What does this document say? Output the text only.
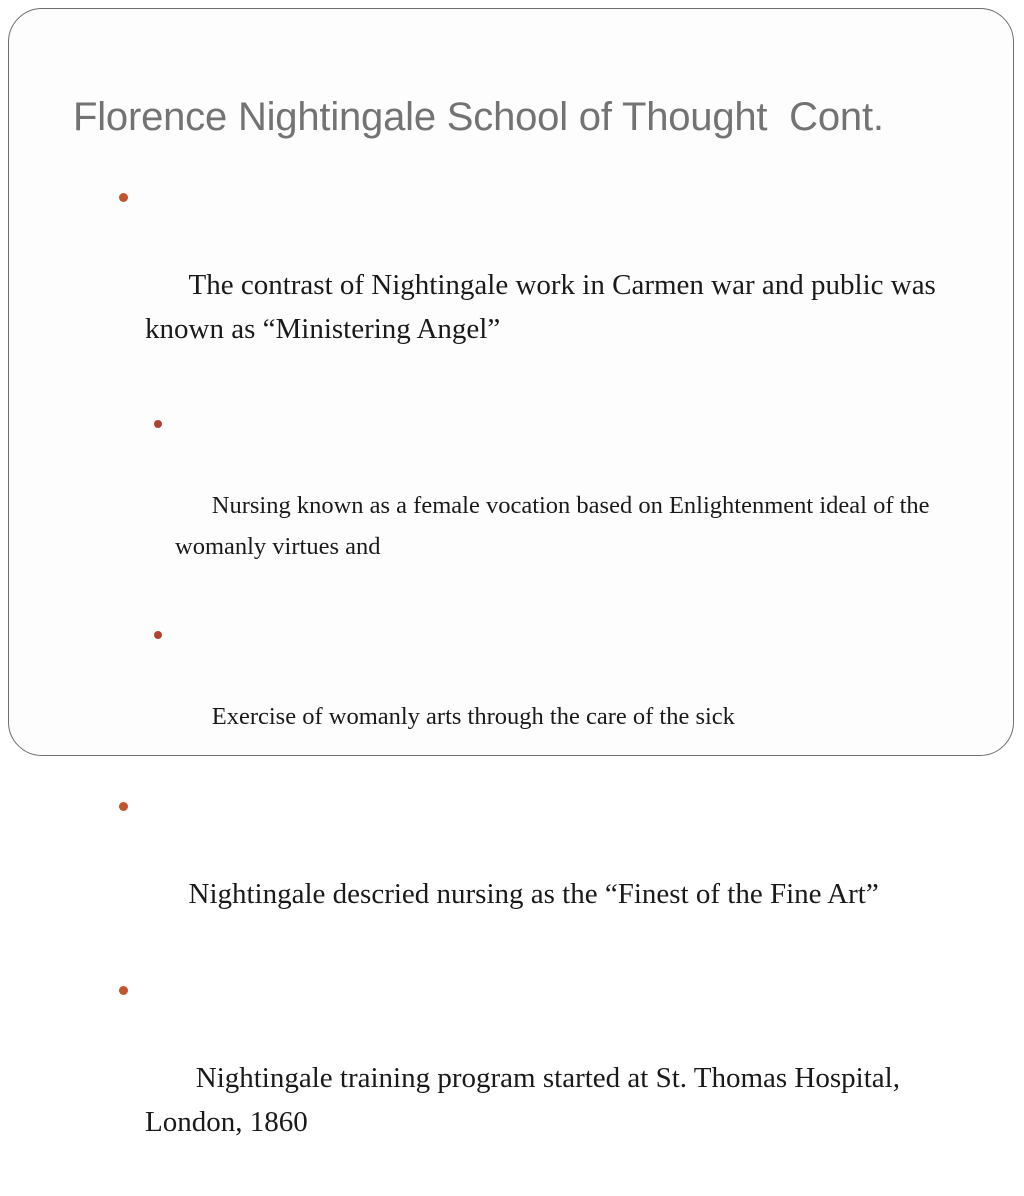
Florence Nightingale School of Thought  Cont.

The contrast of Nightingale work in Carmen war and public was known as “Ministering Angel”

Nursing known as a female vocation based on Enlightenment ideal of the womanly virtues and

Exercise of womanly arts through the care of the sick

Nightingale descried nursing as the “Finest of the Fine Art”

Nightingale training program started at St. Thomas Hospital, London, 1860
